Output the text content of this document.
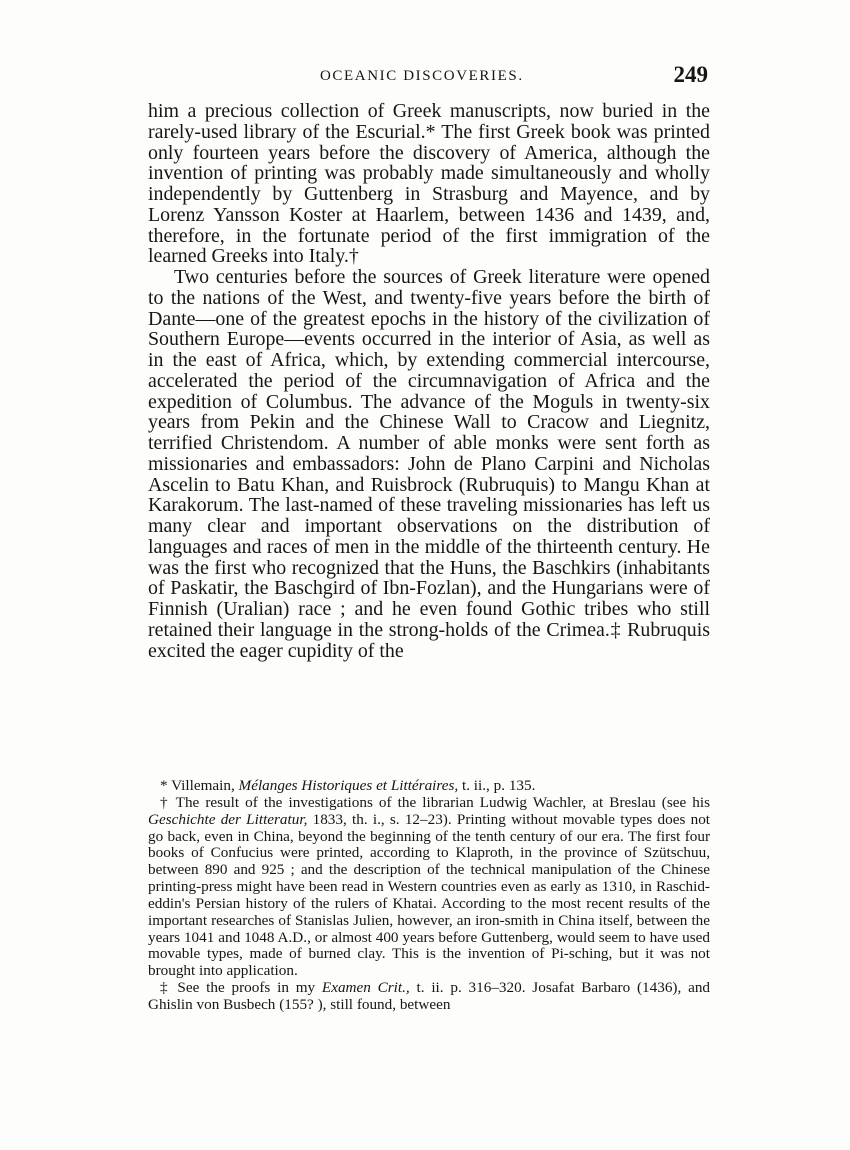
OCEANIC DISCOVERIES.	249

him a precious collection of Greek manuscripts, now buried in the rarely-used library of the Escurial.* The first Greek book was printed only fourteen years before the discovery of America, although the invention of printing was probably made simultaneously and wholly independently by Guttenberg in Strasburg and Mayence, and by Lorenz Yansson Koster at Haarlem, between 1436 and 1439, and, therefore, in the fortunate period of the first immigration of the learned Greeks into Italy.†

Two centuries before the sources of Greek literature were opened to the nations of the West, and twenty-five years before the birth of Dante—one of the greatest epochs in the history of the civilization of Southern Europe—events occurred in the interior of Asia, as well as in the east of Africa, which, by extending commercial intercourse, accelerated the period of the circumnavigation of Africa and the expedition of Columbus. The advance of the Moguls in twenty-six years from Pekin and the Chinese Wall to Cracow and Liegnitz, terrified Christendom. A number of able monks were sent forth as missionaries and embassadors: John de Plano Carpini and Nicholas Ascelin to Batu Khan, and Ruisbrock (Rubruquis) to Mangu Khan at Karakorum. The last-named of these traveling missionaries has left us many clear and important observations on the distribution of languages and races of men in the middle of the thirteenth century. He was the first who recognized that the Huns, the Baschkirs (inhabitants of Paskatir, the Baschgird of Ibn-Fozlan), and the Hungarians were of Finnish (Uralian) race ; and he even found Gothic tribes who still retained their language in the strong-holds of the Crimea.‡ Rubruquis excited the eager cupidity of the

* Villemain, Mélanges Historiques et Littéraires, t. ii., p. 135.

† The result of the investigations of the librarian Ludwig Wachler, at Breslau (see his Geschichte der Litteratur, 1833, th. i., s. 12–23). Printing without movable types does not go back, even in China, beyond the beginning of the tenth century of our era. The first four books of Confucius were printed, according to Klaproth, in the province of Szütschuu, between 890 and 925 ; and the description of the technical manipulation of the Chinese printing-press might have been read in Western countries even as early as 1310, in Raschid-eddin's Persian history of the rulers of Khatai. According to the most recent results of the important researches of Stanislas Julien, however, an iron-smith in China itself, between the years 1041 and 1048 A.D., or almost 400 years before Guttenberg, would seem to have used movable types, made of burned clay. This is the invention of Pi-sching, but it was not brought into application.

‡ See the proofs in my Examen Crit., t. ii. p. 316–320. Josafat Barbaro (1436), and Ghislin von Busbech (155? ), still found, between
